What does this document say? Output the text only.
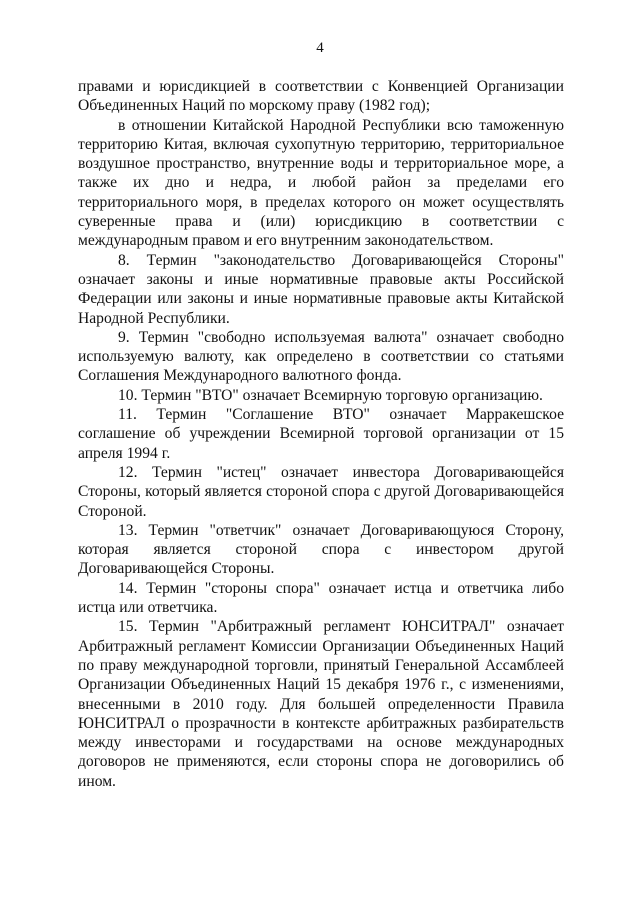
4

правами и юрисдикцией в соответствии с Конвенцией Организации Объединенных Наций по морскому праву (1982 год);

в отношении Китайской Народной Республики всю таможенную территорию Китая, включая сухопутную территорию, территориальное воздушное пространство, внутренние воды и территориальное море, а также их дно и недра, и любой район за пределами его территориального моря, в пределах которого он может осуществлять суверенные права и (или) юрисдикцию в соответствии с международным правом и его внутренним законодательством.

8. Термин "законодательство Договаривающейся Стороны" означает законы и иные нормативные правовые акты Российской Федерации или законы и иные нормативные правовые акты Китайской Народной Республики.

9. Термин "свободно используемая валюта" означает свободно используемую валюту, как определено в соответствии со статьями Соглашения Международного валютного фонда.

10. Термин "ВТО" означает Всемирную торговую организацию.

11. Термин "Соглашение ВТО" означает Марракешское соглашение об учреждении Всемирной торговой организации от 15 апреля 1994 г.

12. Термин "истец" означает инвестора Договаривающейся Стороны, который является стороной спора с другой Договаривающейся Стороной.

13. Термин "ответчик" означает Договаривающуюся Сторону, которая является стороной спора с инвестором другой Договаривающейся Стороны.

14. Термин "стороны спора" означает истца и ответчика либо истца или ответчика.

15. Термин "Арбитражный регламент ЮНСИТРАЛ" означает Арбитражный регламент Комиссии Организации Объединенных Наций по праву международной торговли, принятый Генеральной Ассамблеей Организации Объединенных Наций 15 декабря 1976 г., с изменениями, внесенными в 2010 году. Для большей определенности Правила ЮНСИТРАЛ о прозрачности в контексте арбитражных разбирательств между инвесторами и государствами на основе международных договоров не применяются, если стороны спора не договорились об ином.
